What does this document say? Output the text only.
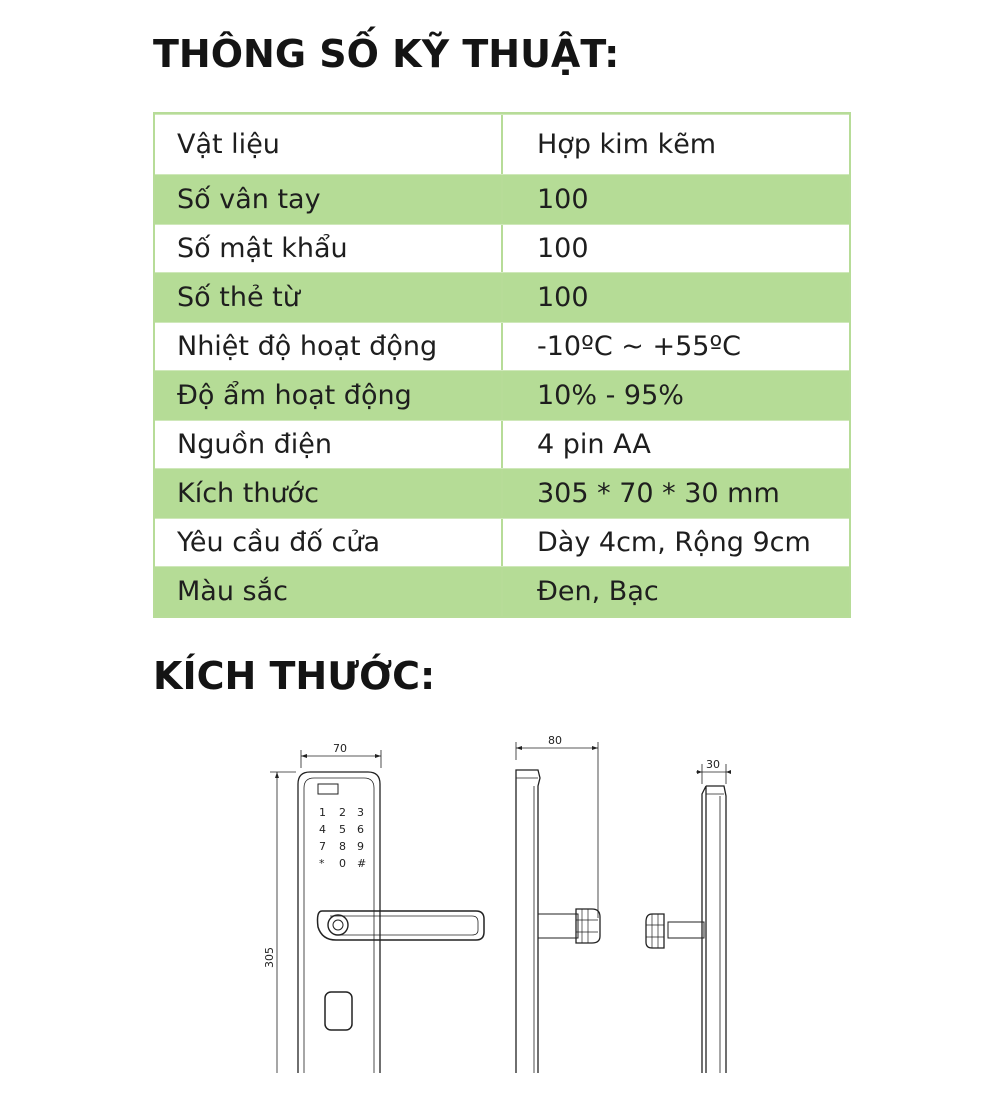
THÔNG SỐ KỸ THUẬT:
Vật liệu	Hợp kim kẽm
Số vân tay	100
Số mật khẩu	100
Số thẻ từ	100
Nhiệt độ hoạt động	-10ºC ~ +55ºC
Độ ẩm hoạt động	10% - 95%
Nguồn điện	4 pin AA
Kích thước	305 * 70 * 30 mm
Yêu cầu đố cửa	Dày 4cm, Rộng 9cm
Màu sắc	Đen, Bạc
KÍCH THƯỚC:
1 2 3
4 5 6
7 8 9
* 0 #
70
305
80
30
